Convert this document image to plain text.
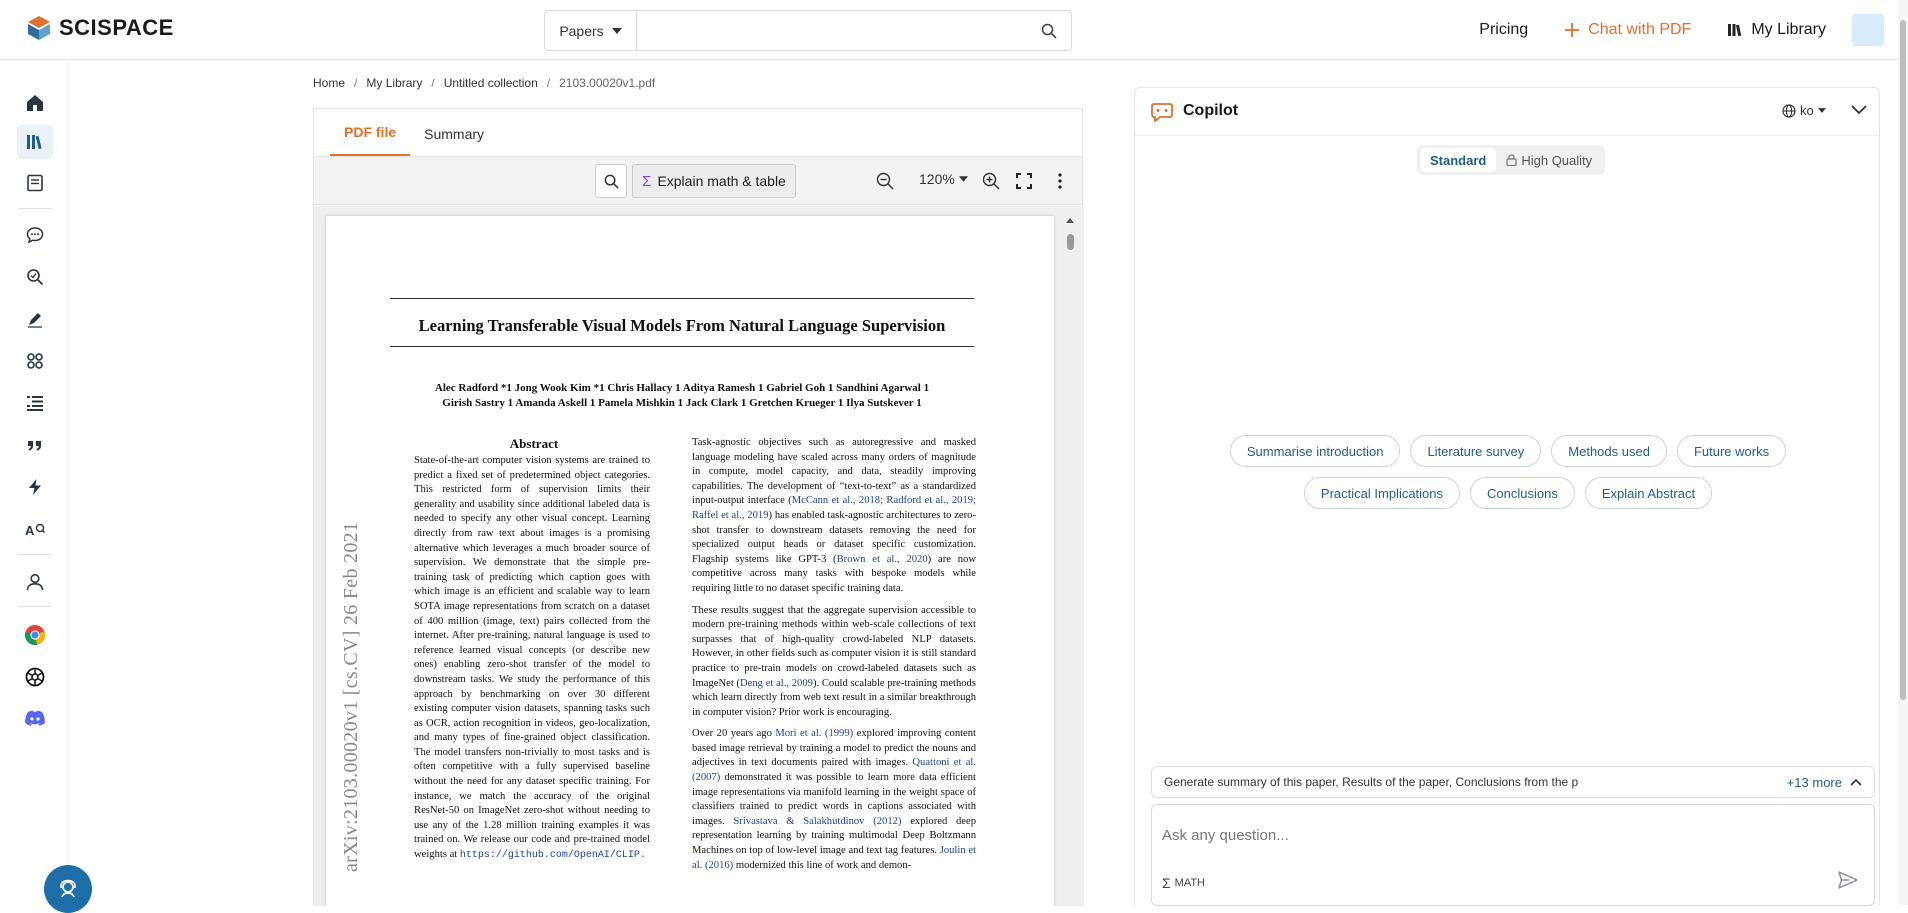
SCISPACE	Papers	Pricing	Chat with PDF	My Library
A
Home / My Library / Untitled collection / 2103.00020v1.pdf
PDF file	Summary
Σ Explain math & table	120%
Learning Transferable Visual Models From Natural Language Supervision
Alec Radford *1 Jong Wook Kim *1 Chris Hallacy 1 Aditya Ramesh 1 Gabriel Goh 1 Sandhini Agarwal 1
Girish Sastry 1 Amanda Askell 1 Pamela Mishkin 1 Jack Clark 1 Gretchen Krueger 1 Ilya Sutskever 1
arXiv:2103.00020v1 [cs.CV] 26 Feb 2021
Abstract
State-of-the-art computer vision systems are trained to predict a fixed set of predetermined object categories. This restricted form of supervision limits their generality and usability since additional labeled data is needed to specify any other visual concept. Learning directly from raw text about images is a promising alternative which leverages a much broader source of supervision. We demonstrate that the simple pre-training task of predicting which caption goes with which image is an efficient and scalable way to learn SOTA image representations from scratch on a dataset of 400 million (image, text) pairs collected from the internet. After pre-training, natural language is used to reference learned visual concepts (or describe new ones) enabling zero-shot transfer of the model to downstream tasks. We study the performance of this approach by benchmarking on over 30 different existing computer vision datasets, spanning tasks such as OCR, action recognition in videos, geo-localization, and many types of fine-grained object classification. The model transfers non-trivially to most tasks and is often competitive with a fully supervised baseline without the need for any dataset specific training. For instance, we match the accuracy of the original ResNet-50 on ImageNet zero-shot without needing to use any of the 1.28 million training examples it was trained on. We release our code and pre-trained model weights at https://github.com/OpenAI/CLIP.

Task-agnostic objectives such as autoregressive and masked language modeling have scaled across many orders of magnitude in compute, model capacity, and data, steadily improving capabilities. The development of “text-to-text” as a standardized input-output interface (McCann et al., 2018; Radford et al., 2019; Raffel et al., 2019) has enabled task-agnostic architectures to zero-shot transfer to downstream datasets removing the need for specialized output heads or dataset specific customization. Flagship systems like GPT-3 (Brown et al., 2020) are now competitive across many tasks with bespoke models while requiring little to no dataset specific training data.

These results suggest that the aggregate supervision accessible to modern pre-training methods within web-scale collections of text surpasses that of high-quality crowd-labeled NLP datasets. However, in other fields such as computer vision it is still standard practice to pre-train models on crowd-labeled datasets such as ImageNet (Deng et al., 2009). Could scalable pre-training methods which learn directly from web text result in a similar breakthrough in computer vision? Prior work is encouraging.

Over 20 years ago Mori et al. (1999) explored improving content based image retrieval by training a model to predict the nouns and adjectives in text documents paired with images. Quattoni et al. (2007) demonstrated it was possible to learn more data efficient image representations via manifold learning in the weight space of classifiers trained to predict words in captions associated with images. Srivastava & Salakhutdinov (2012) explored deep representation learning by training multimodal Deep Boltzmann Machines on top of low-level image and text tag features. Joulin et al. (2016) modernized this line of work and demon-

Copilot	ko
Standard	High Quality
Summarise introduction	Literature survey	Methods used	Future works
Practical Implications	Conclusions	Explain Abstract
Generate summary of this paper, Results of the paper, Conclusions from the p	+13 more
Ask any question...
Σ MATH
